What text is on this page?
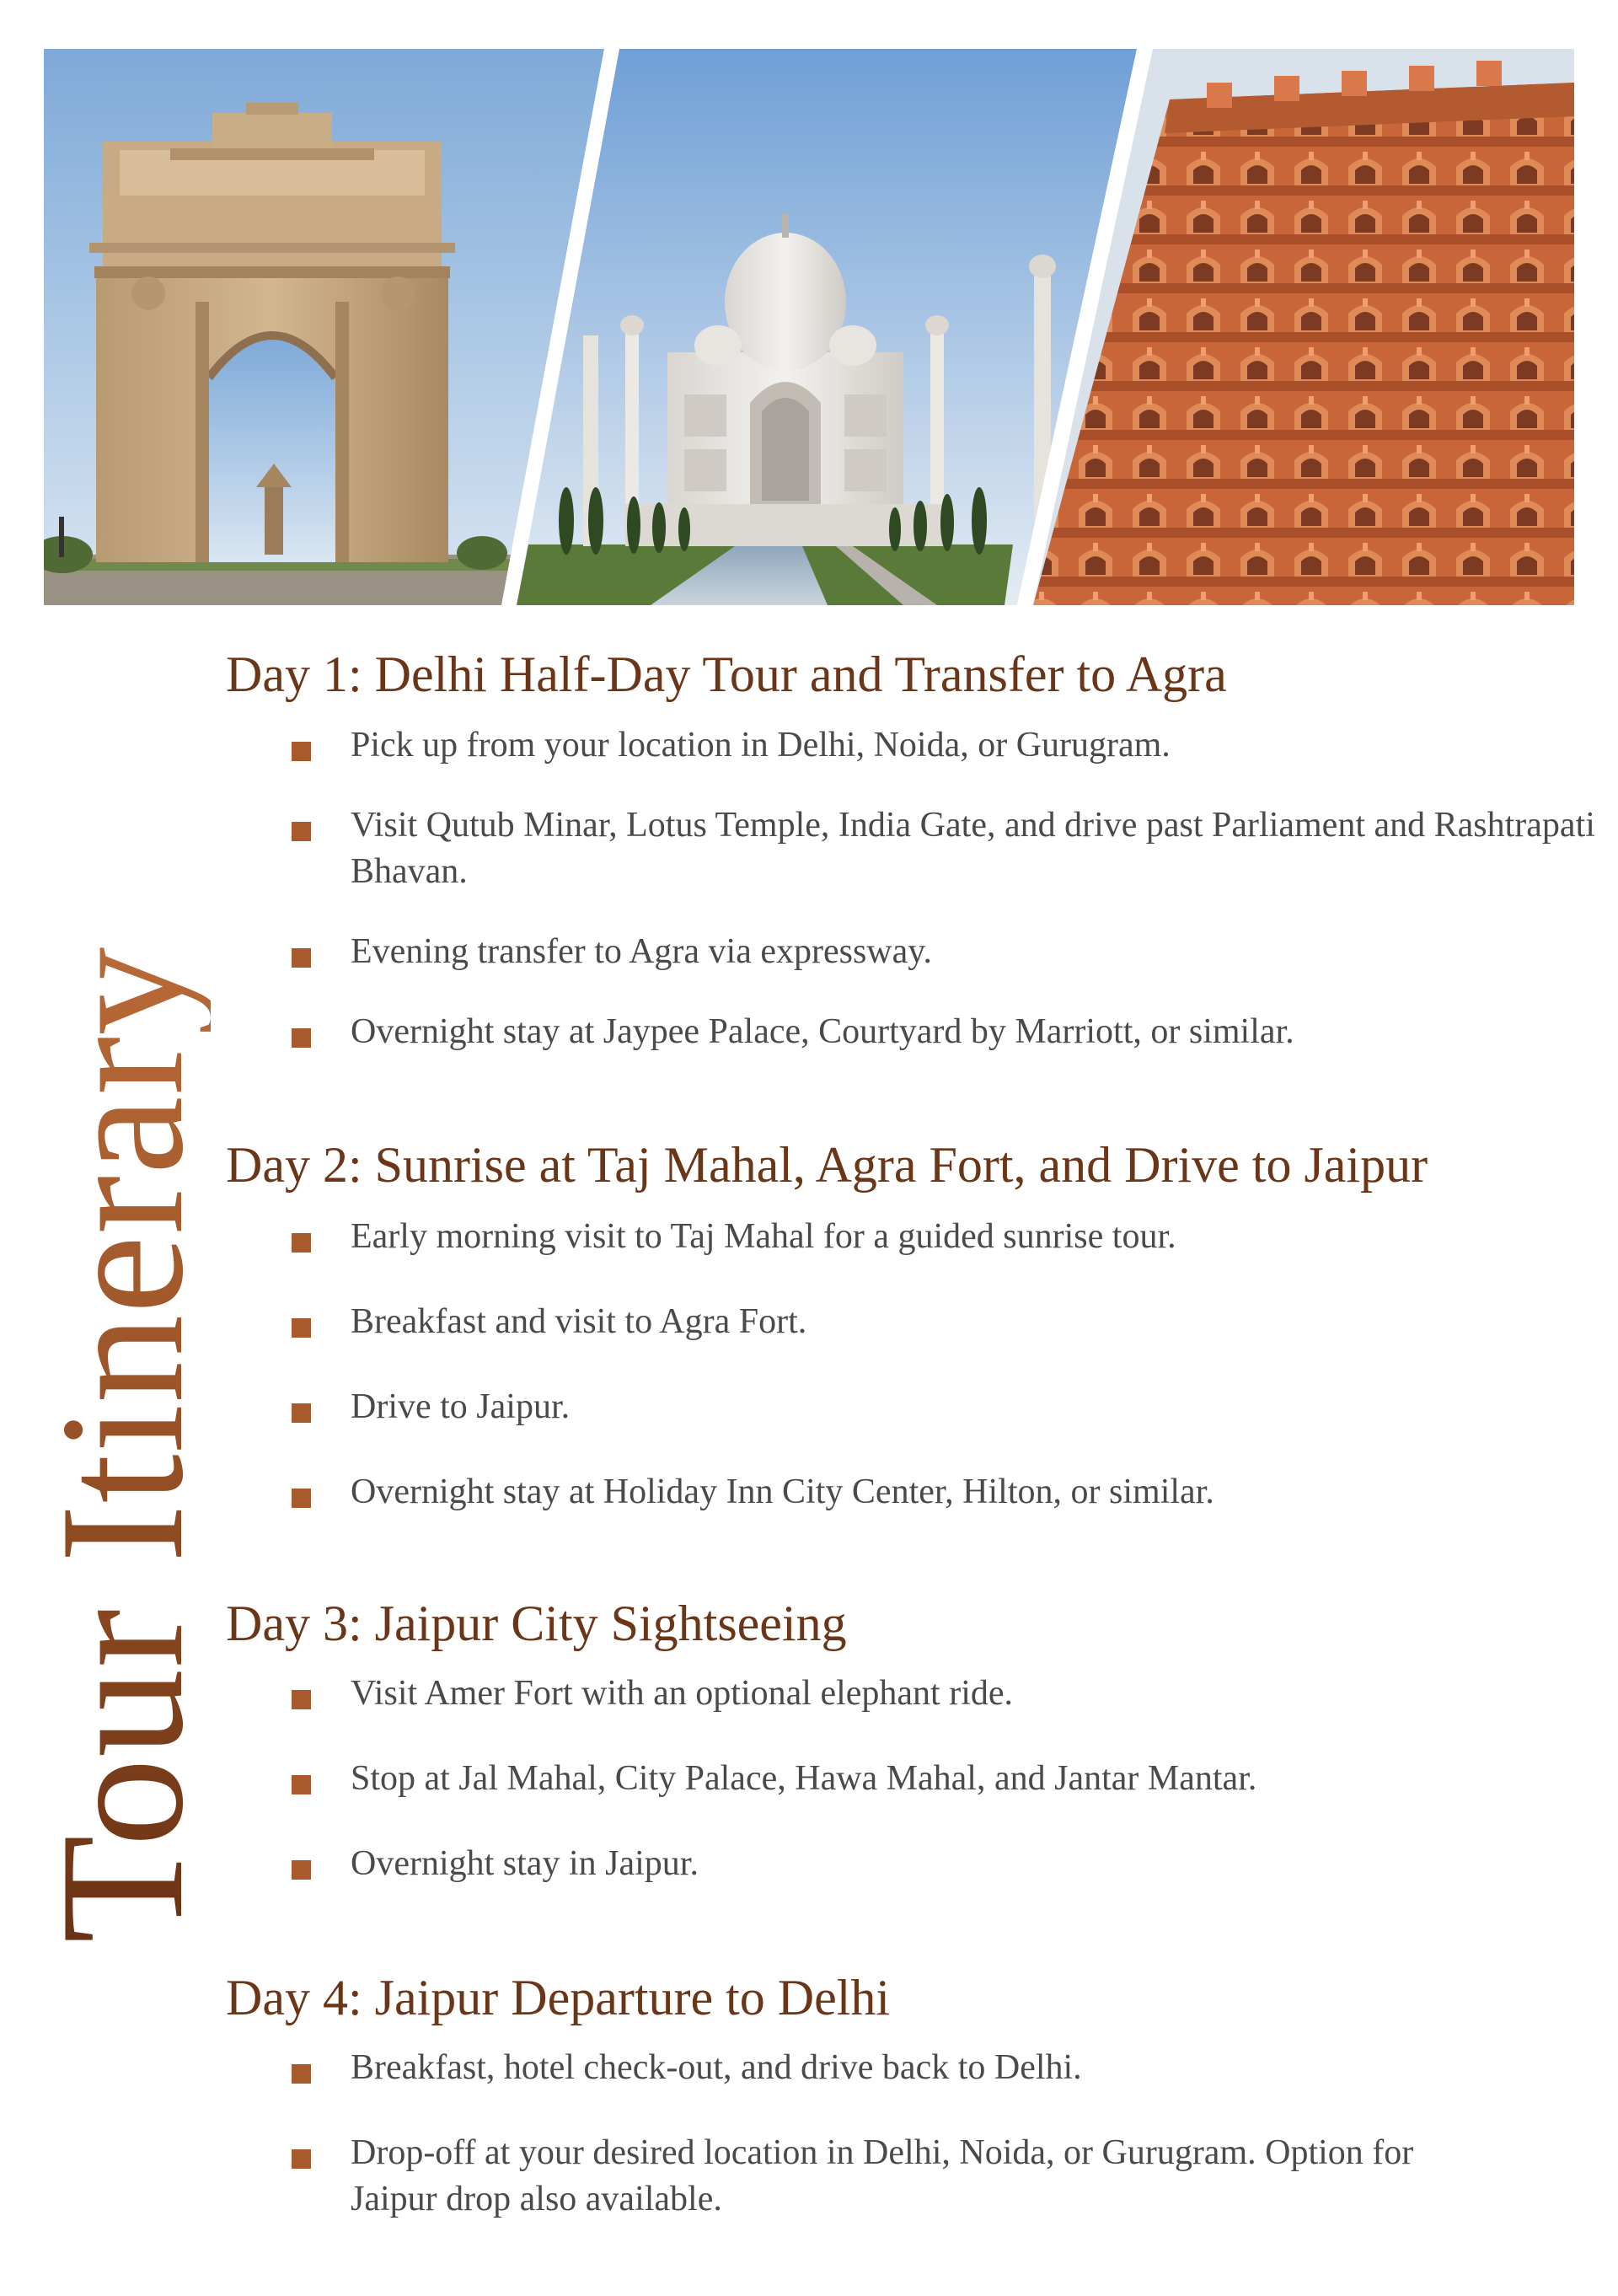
Tour Itinerary
Day 1: Delhi Half-Day Tour and Transfer to Agra
Pick up from your location in Delhi, Noida, or Gurugram.
Visit Qutub Minar, Lotus Temple, India Gate, and drive past Parliament and Rashtrapati Bhavan.
Evening transfer to Agra via expressway.
Overnight stay at Jaypee Palace, Courtyard by Marriott, or similar.
Day 2: Sunrise at Taj Mahal, Agra Fort, and Drive to Jaipur
Early morning visit to Taj Mahal for a guided sunrise tour.
Breakfast and visit to Agra Fort.
Drive to Jaipur.
Overnight stay at Holiday Inn City Center, Hilton, or similar.
Day 3: Jaipur City Sightseeing
Visit Amer Fort with an optional elephant ride.
Stop at Jal Mahal, City Palace, Hawa Mahal, and Jantar Mantar.
Overnight stay in Jaipur.
Day 4: Jaipur Departure to Delhi
Breakfast, hotel check-out, and drive back to Delhi.
Drop-off at your desired location in Delhi, Noida, or Gurugram. Option for Jaipur drop also available.
